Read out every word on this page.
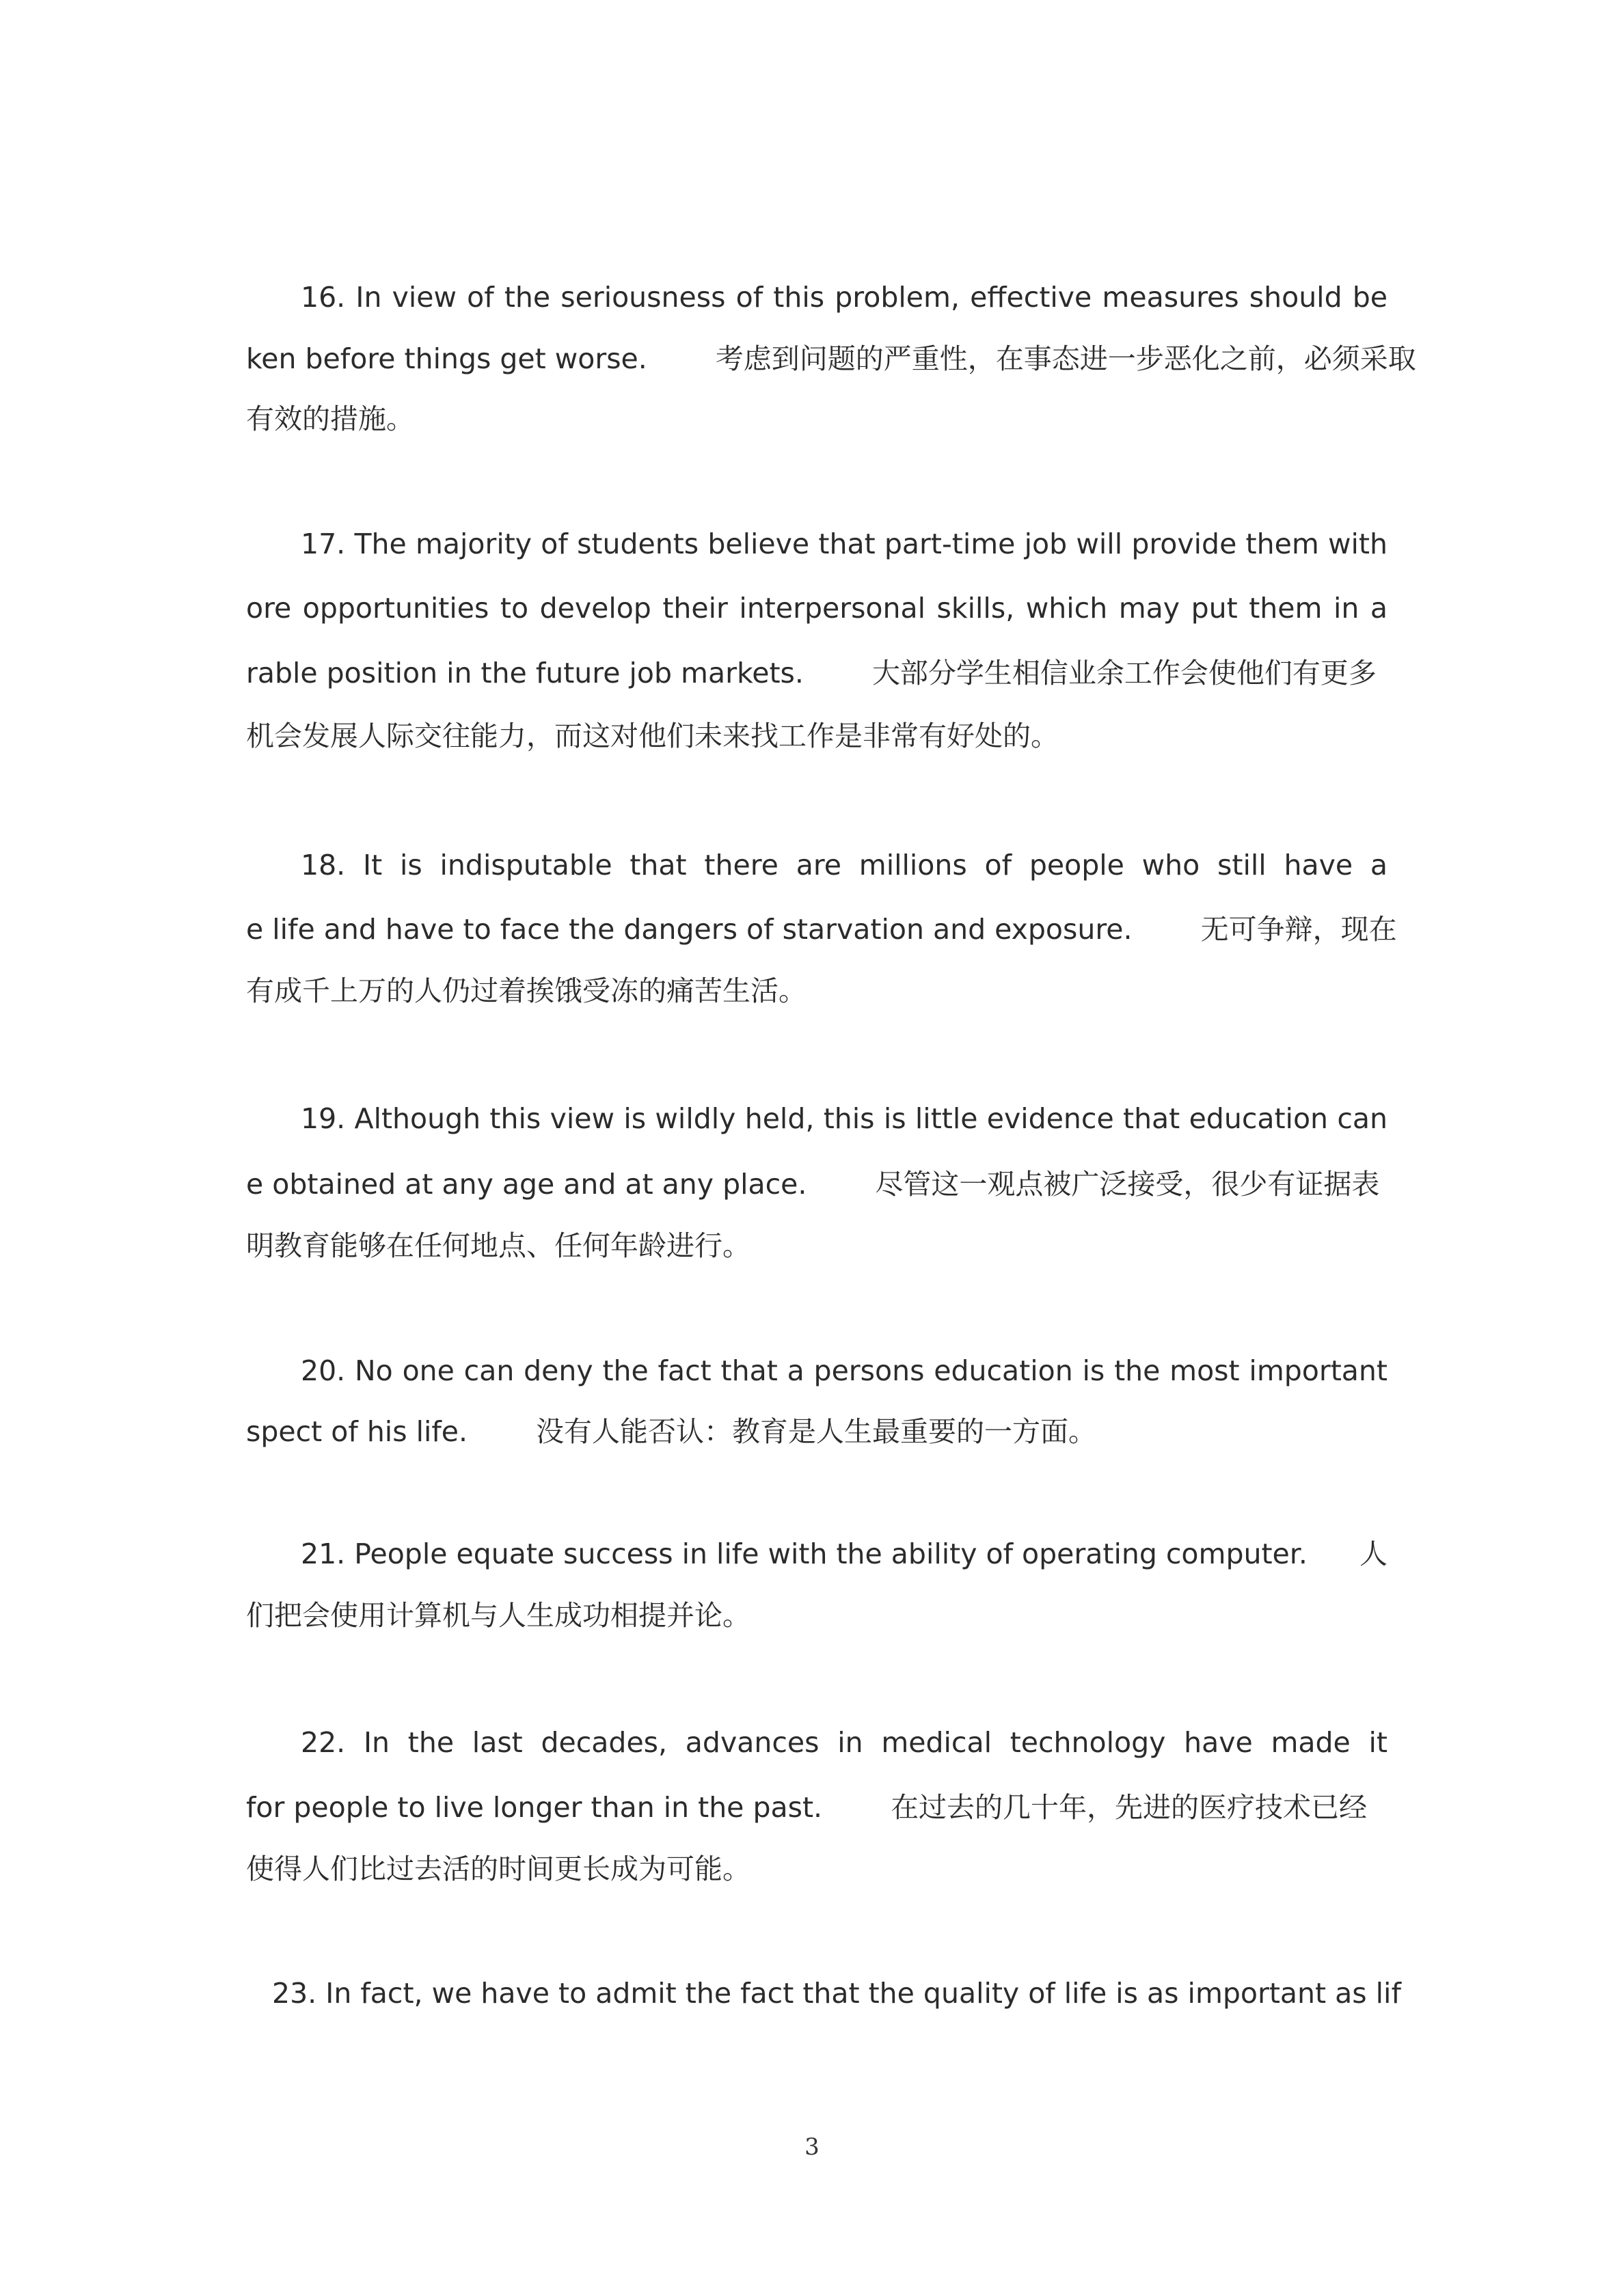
16. In view of the seriousness of this problem, effective measures should be
ken before things get worse. 考虑到问题的严重性，在事态进⼀步恶化之前，必须采取
有效的措施。
17. The majority of students believe that part-time job will provide them with
ore opportunities to develop their interpersonal skills, which may put them in a
rable position in the future job markets. ⼤部分学⽣相信业余⼯作会使他们有更多
机会发展⼈际交往能⼒，⽽这对他们未来找⼯作是⾮常有好处的。
18. It is indisputable that there are millions of people who still have a
e life and have to face the dangers of starvation and exposure. ⽆可争辩，现在
有成千上万的⼈仍过着挨饿受冻的痛苦⽣活。
19. Although this view is wildly held, this is little evidence that education can
e obtained at any age and at any place. 尽管这⼀观点被⼴泛接受，很少有证据表
明教育能够在任何地点、任何年龄进⾏。
20. No one can deny the fact that a persons education is the most important
spect of his life. 没有⼈能否认：教育是⼈⽣最重要的⼀⽅⾯。
21. People equate success in life with the ability of operating computer. ⼈
们把会使⽤计算机与⼈⽣成功相提并论。
22. In the last decades, advances in medical technology have made it
for people to live longer than in the past. 在过去的⼏⼗年，先进的医疗技术已经
使得⼈们⽐过去活的时间更长成为可能。
23. In fact, we have to admit the fact that the quality of life is as important as lif
3
